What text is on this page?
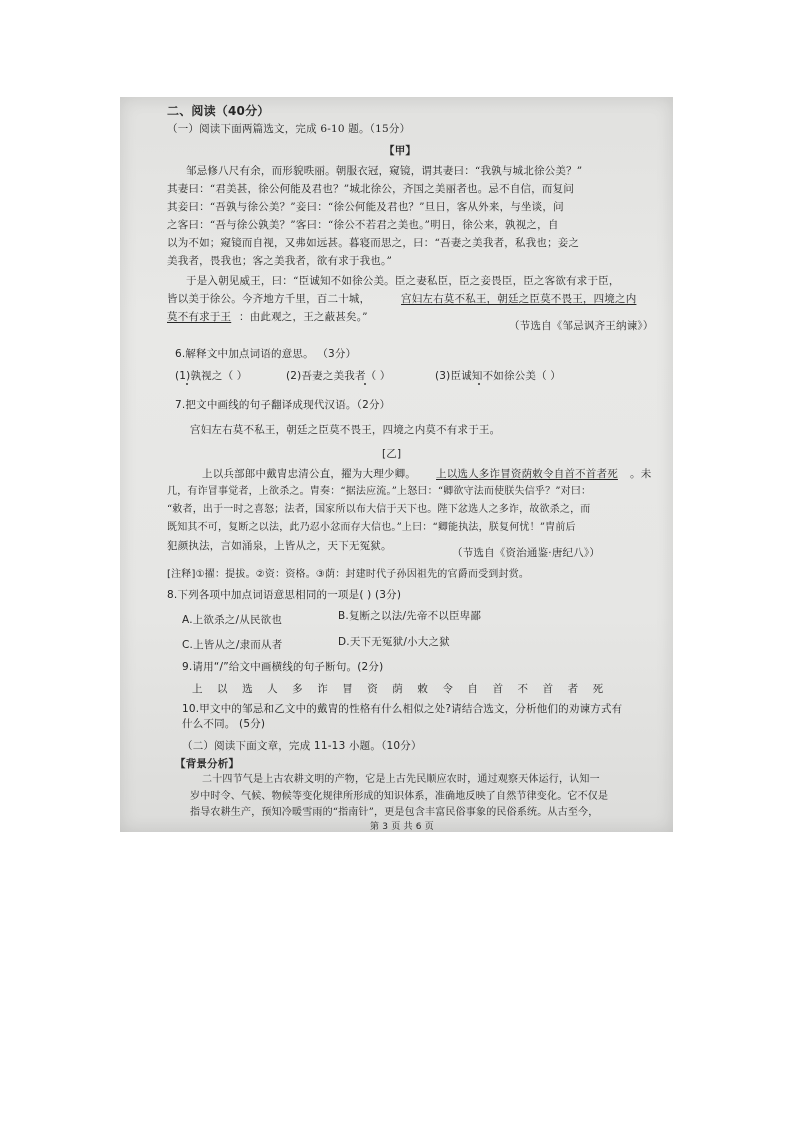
二、阅读（40分）
（一）阅读下面两篇选文，完成 6-10 题。（15分）
【甲】
邹忌修八尺有余，而形貌昳丽。朝服衣冠，窥镜，谓其妻曰：“我孰与城北徐公美？”
其妻曰：“君美甚，徐公何能及君也？”城北徐公，齐国之美丽者也。忌不自信，而复问
其妾曰：“吾孰与徐公美？”妾曰：“徐公何能及君也？”旦日，客从外来，与坐谈，问
之客曰：“吾与徐公孰美？”客曰：“徐公不若君之美也。”明日，徐公来，孰视之，自
以为不如；窥镜而自视，又弗如远甚。暮寝而思之，曰：“吾妻之美我者，私我也；妾之
美我者，畏我也；客之美我者，欲有求于我也。”
于是入朝见威王，曰：“臣诚知不如徐公美。臣之妻私臣，臣之妾畏臣，臣之客欲有求于臣，
皆以美于徐公。今齐地方千里，百二十城，	宫妇左右莫不私王，朝廷之臣莫不畏王，四境之内
莫不有求于王 ：由此观之，王之蔽甚矣。”
（节选自《邹忌讽齐王纳谏》）
6.解释文中加点词语的意思。 （3分）
(1)孰视之（ ）	(2)吾妻之美我者（ ）	(3)臣诚知不如徐公美（ ）
7.把文中画线的句子翻译成现代汉语。（2分）
宫妇左右莫不私王，朝廷之臣莫不畏王，四境之内莫不有求于王。
[乙]
上以兵部郎中戴胄忠清公直，擢为大理少卿。 上以选人多诈冒资荫敕令自首不首者死 。未
几，有诈冒事觉者，上欲杀之。胄奏：“据法应流。”上怒曰：“卿欲守法而使朕失信乎？”对曰：
“敕者，出于一时之喜怒；法者，国家所以布大信于天下也。陛下忿选人之多诈，故欲杀之，而
既知其不可，复断之以法，此乃忍小忿而存大信也。”上曰：“卿能执法，朕复何忧！”胄前后
犯颜执法，言如涌泉，上皆从之，天下无冤狱。
（节选自《资治通鉴·唐纪八》）
[注释]①擢：提拔。②资：资格。③荫：封建时代子孙因祖先的官爵而受到封赏。
8.下列各项中加点词语意思相同的一项是( ) (3分)
A.上欲杀之/从民欲也	B.复断之以法/先帝不以臣卑鄙
C.上皆从之/隶而从者	D.天下无冤狱/小大之狱
9.请用“/”给文中画横线的句子断句。(2分)
上 以 选 人 多 诈 冒 资 荫 敕 令 自 首 不 首 者 死
10.甲文中的邹忌和乙文中的戴胄的性格有什么相似之处?请结合选文，分析他们的劝谏方式有
什么不同。 (5分)
（二）阅读下面文章，完成 11-13 小题。（10分）
【背景分析】
二十四节气是上古农耕文明的产物，它是上古先民顺应农时，通过观察天体运行，认知一
岁中时令、气候、物候等变化规律所形成的知识体系，准确地反映了自然节律变化。它不仅是
指导农耕生产，预知冷暖雪雨的“指南针”，更是包含丰富民俗事象的民俗系统。从古至今，
第 3 页 共 6 页
